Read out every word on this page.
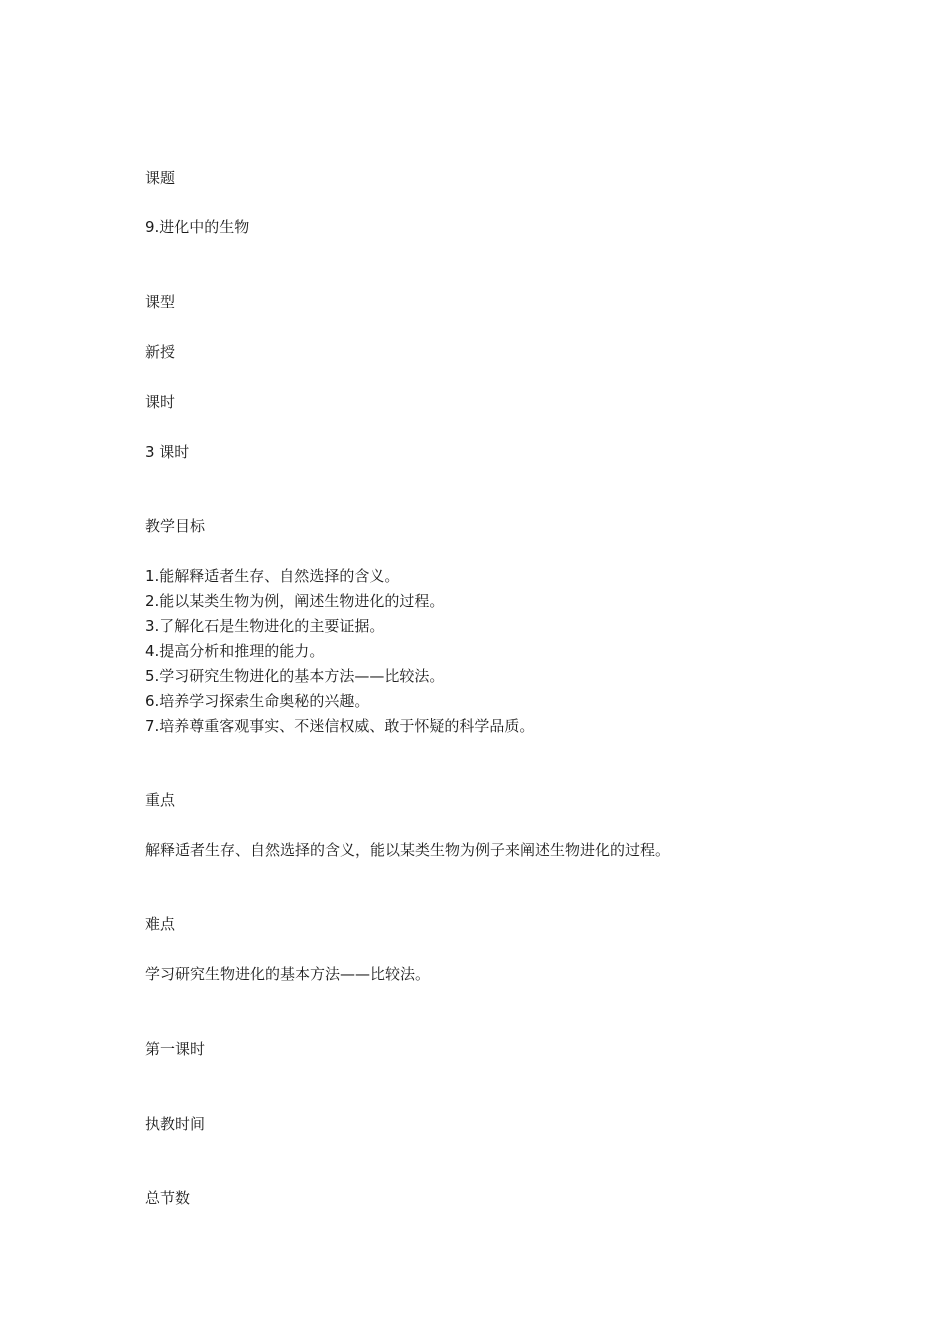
课题
9.进化中的生物
课型
新授
课时
3 课时
教学目标
1.能解释适者生存、自然选择的含义。
2.能以某类生物为例，阐述生物进化的过程。
3.了解化石是生物进化的主要证据。
4.提高分析和推理的能力。
5.学习研究生物进化的基本方法——比较法。
6.培养学习探索生命奥秘的兴趣。
7.培养尊重客观事实、不迷信权威、敢于怀疑的科学品质。
重点
解释适者生存、自然选择的含义，能以某类生物为例子来阐述生物进化的过程。
难点
学习研究生物进化的基本方法——比较法。
第一课时
执教时间
总节数
